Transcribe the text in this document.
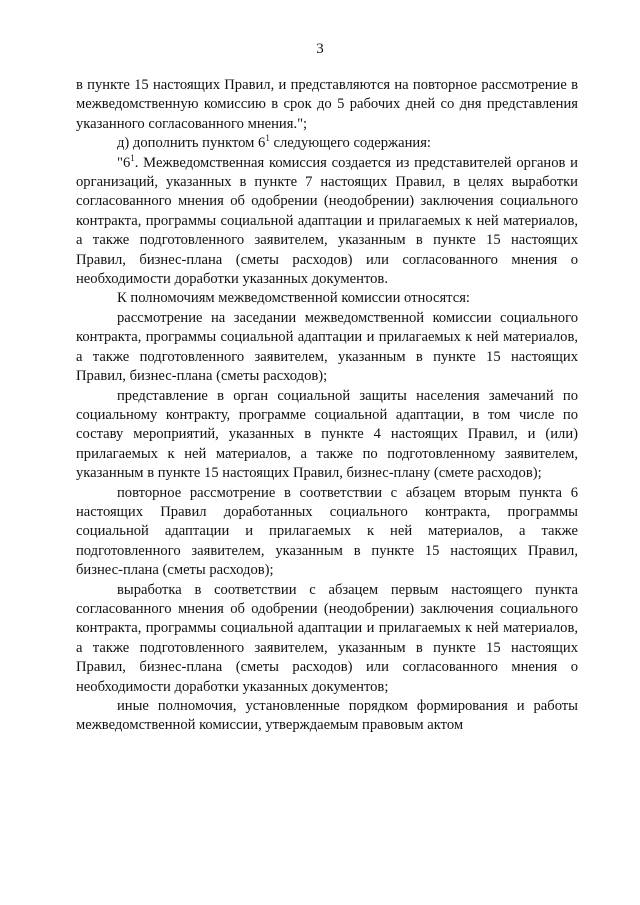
3

в пункте 15 настоящих Правил, и представляются на повторное рассмотрение в межведомственную комиссию в срок до 5 рабочих дней со дня представления указанного согласованного мнения.";

д) дополнить пунктом $6^1$ следующего содержания:

"$6^1$. Межведомственная комиссия создается из представителей органов и организаций, указанных в пункте 7 настоящих Правил, в целях выработки согласованного мнения об одобрении (неодобрении) заключения социального контракта, программы социальной адаптации и прилагаемых к ней материалов, а также подготовленного заявителем, указанным в пункте 15 настоящих Правил, бизнес-плана (сметы расходов) или согласованного мнения о необходимости доработки указанных документов.

К полномочиям межведомственной комиссии относятся:

рассмотрение на заседании межведомственной комиссии социального контракта, программы социальной адаптации и прилагаемых к ней материалов, а также подготовленного заявителем, указанным в пункте 15 настоящих Правил, бизнес-плана (сметы расходов);

представление в орган социальной защиты населения замечаний по социальному контракту, программе социальной адаптации, в том числе по составу мероприятий, указанных в пункте 4 настоящих Правил, и (или) прилагаемых к ней материалов, а также по подготовленному заявителем, указанным в пункте 15 настоящих Правил, бизнес-плану (смете расходов);

повторное рассмотрение в соответствии с абзацем вторым пункта 6 настоящих Правил доработанных социального контракта, программы социальной адаптации и прилагаемых к ней материалов, а также подготовленного заявителем, указанным в пункте 15 настоящих Правил, бизнес-плана (сметы расходов);

выработка в соответствии с абзацем первым настоящего пункта согласованного мнения об одобрении (неодобрении) заключения социального контракта, программы социальной адаптации и прилагаемых к ней материалов, а также подготовленного заявителем, указанным в пункте 15 настоящих Правил, бизнес-плана (сметы расходов) или согласованного мнения о необходимости доработки указанных документов;

иные полномочия, установленные порядком формирования и работы межведомственной комиссии, утверждаемым правовым актом
